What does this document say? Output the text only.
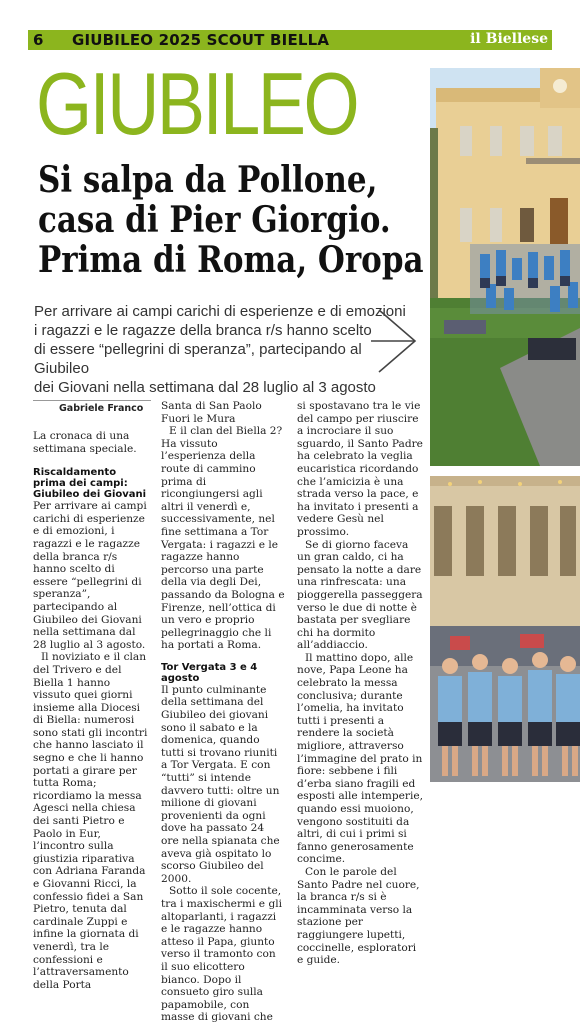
6 GIUBILEO 2025 SCOUT BIELLA	il Biellese
GIUBILEO
Si salpa da Pollone,
casa di Pier Giorgio.
Prima di Roma, Oropa
Per arrivare ai campi carichi di esperienze e di emozioni
i ragazzi e le ragazze della branca r/s hanno scelto
di essere “pellegrini di speranza”, partecipando al Giubileo
dei Giovani nella settimana dal 28 luglio al 3 agosto
Gabriele Franco

La cronaca di una settimana speciale.

Riscaldamento prima dei campi: Giubileo dei Giovani

Per arrivare ai campi carichi di esperienze e di emozioni, i ragazzi e le ragazze della branca r/s hanno scelto di essere “pellegrini di speranza”, partecipando al Giubileo dei Giovani nella settimana dal 28 luglio al 3 agosto.

Il noviziato e il clan del Trivero e del Biella 1 hanno vissuto quei giorni insieme alla Diocesi di Biella: numerosi sono stati gli incontri che hanno lasciato il segno e che li hanno portati a girare per tutta Roma; ricordiamo la messa Agesci nella chiesa dei santi Pietro e Paolo in Eur, l’incontro sulla giustizia riparativa con Adriana Faranda e Giovanni Ricci, la confessio fidei a San Pietro, tenuta dal cardinale Zuppi e infine la giornata di venerdì, tra le confessioni e l’attraversamento della Porta

Santa di San Paolo Fuori le Mura

E il clan del Biella 2? Ha vissuto l’esperienza della route di cammino prima di ricongiungersi agli altri il venerdì e, successivamente, nel fine settimana a Tor Vergata: i ragazzi e le ragazze hanno percorso una parte della via degli Dei, passando da Bologna e Firenze, nell’ottica di un vero e proprio pellegrinaggio che li ha portati a Roma.

Tor Vergata 3 e 4 agosto

Il punto culminante della settimana del Giubileo dei giovani sono il sabato e la domenica, quando tutti si trovano riuniti a Tor Vergata. E con “tutti” si intende davvero tutti: oltre un milione di giovani provenienti da ogni dove ha passato 24 ore nella spianata che aveva già ospitato lo scorso Giubileo del 2000.

Sotto il sole cocente, tra i maxischermi e gli altoparlanti, i ragazzi e le ragazze hanno atteso il Papa, giunto verso il tramonto con il suo elicottero bianco. Dopo il consueto giro sulla papamobile, con masse di giovani che

si spostavano tra le vie del campo per riuscire a incrociare il suo sguardo, il Santo Padre ha celebrato la veglia eucaristica ricordando che l’amicizia è una strada verso la pace, e ha invitato i presenti a vedere Gesù nel prossimo.

Se di giorno faceva un gran caldo, ci ha pensato la notte a dare una rinfrescata: una pioggerella passeggera verso le due di notte è bastata per svegliare chi ha dormito all’addiaccio.

Il mattino dopo, alle nove, Papa Leone ha celebrato la messa conclusiva; durante l’omelia, ha invitato tutti i presenti a rendere la società migliore, attraverso l’immagine del prato in fiore: sebbene i fili d’erba siano fragili ed esposti alle intemperie, quando essi muoiono, vengono sostituiti da altri, di cui i primi si fanno generosamente concime.

Con le parole del Santo Padre nel cuore, la branca r/s si è incamminata verso la stazione per raggiungere lupetti, coccinelle, esploratori e guide.
